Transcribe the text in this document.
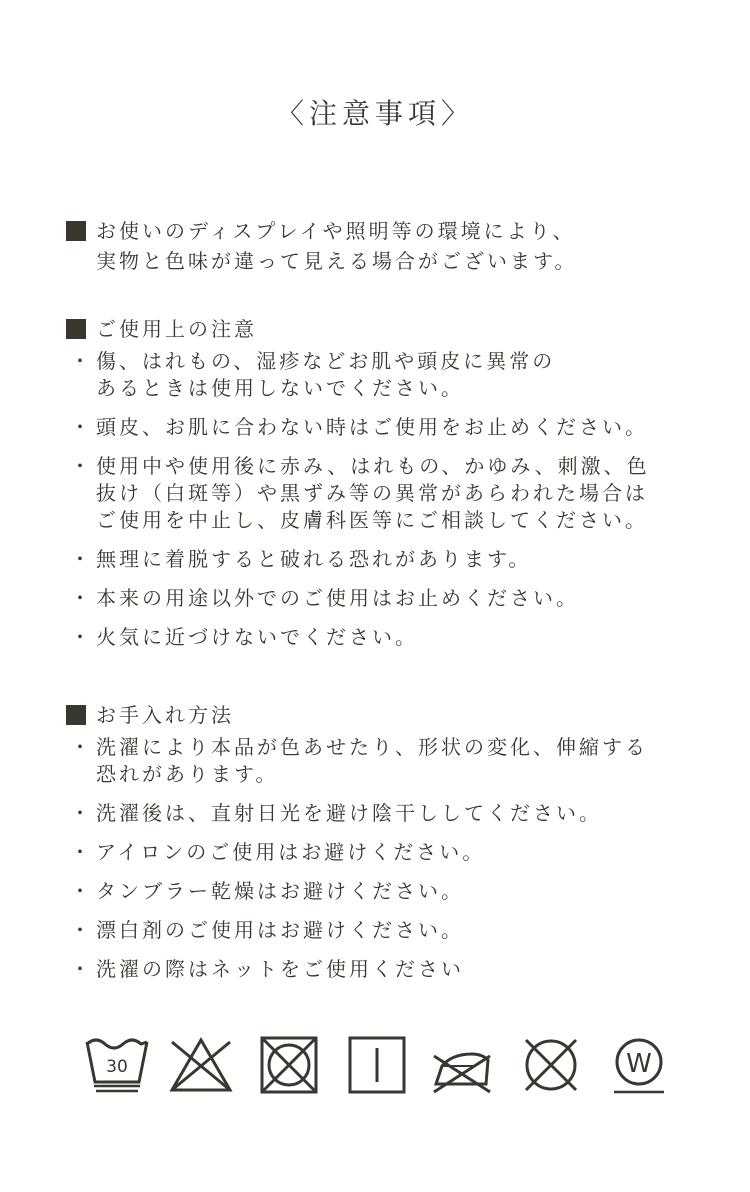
〈注意事項〉
お使いのディスプレイや照明等の環境により、
実物と色味が違って見える場合がございます。
ご使用上の注意
・ 傷、はれもの、湿疹などお肌や頭皮に異常の
あるときは使用しないでください。
・ 頭皮、お肌に合わない時はご使用をお止めください。
・ 使用中や使用後に赤み、はれもの、かゆみ、刺激、色
抜け（白斑等）や黒ずみ等の異常があらわれた場合は
ご使用を中止し、皮膚科医等にご相談してください。
・ 無理に着脱すると破れる恐れがあります。
・ 本来の用途以外でのご使用はお止めください。
・ 火気に近づけないでください。
お手入れ方法
・ 洗濯により本品が色あせたり、形状の変化、伸縮する
恐れがあります。
・ 洗濯後は、直射日光を避け陰干ししてください。
・ アイロンのご使用はお避けください。
・ タンブラー乾燥はお避けください。
・ 漂白剤のご使用はお避けください。
・ 洗濯の際はネットをご使用ください
30	W
